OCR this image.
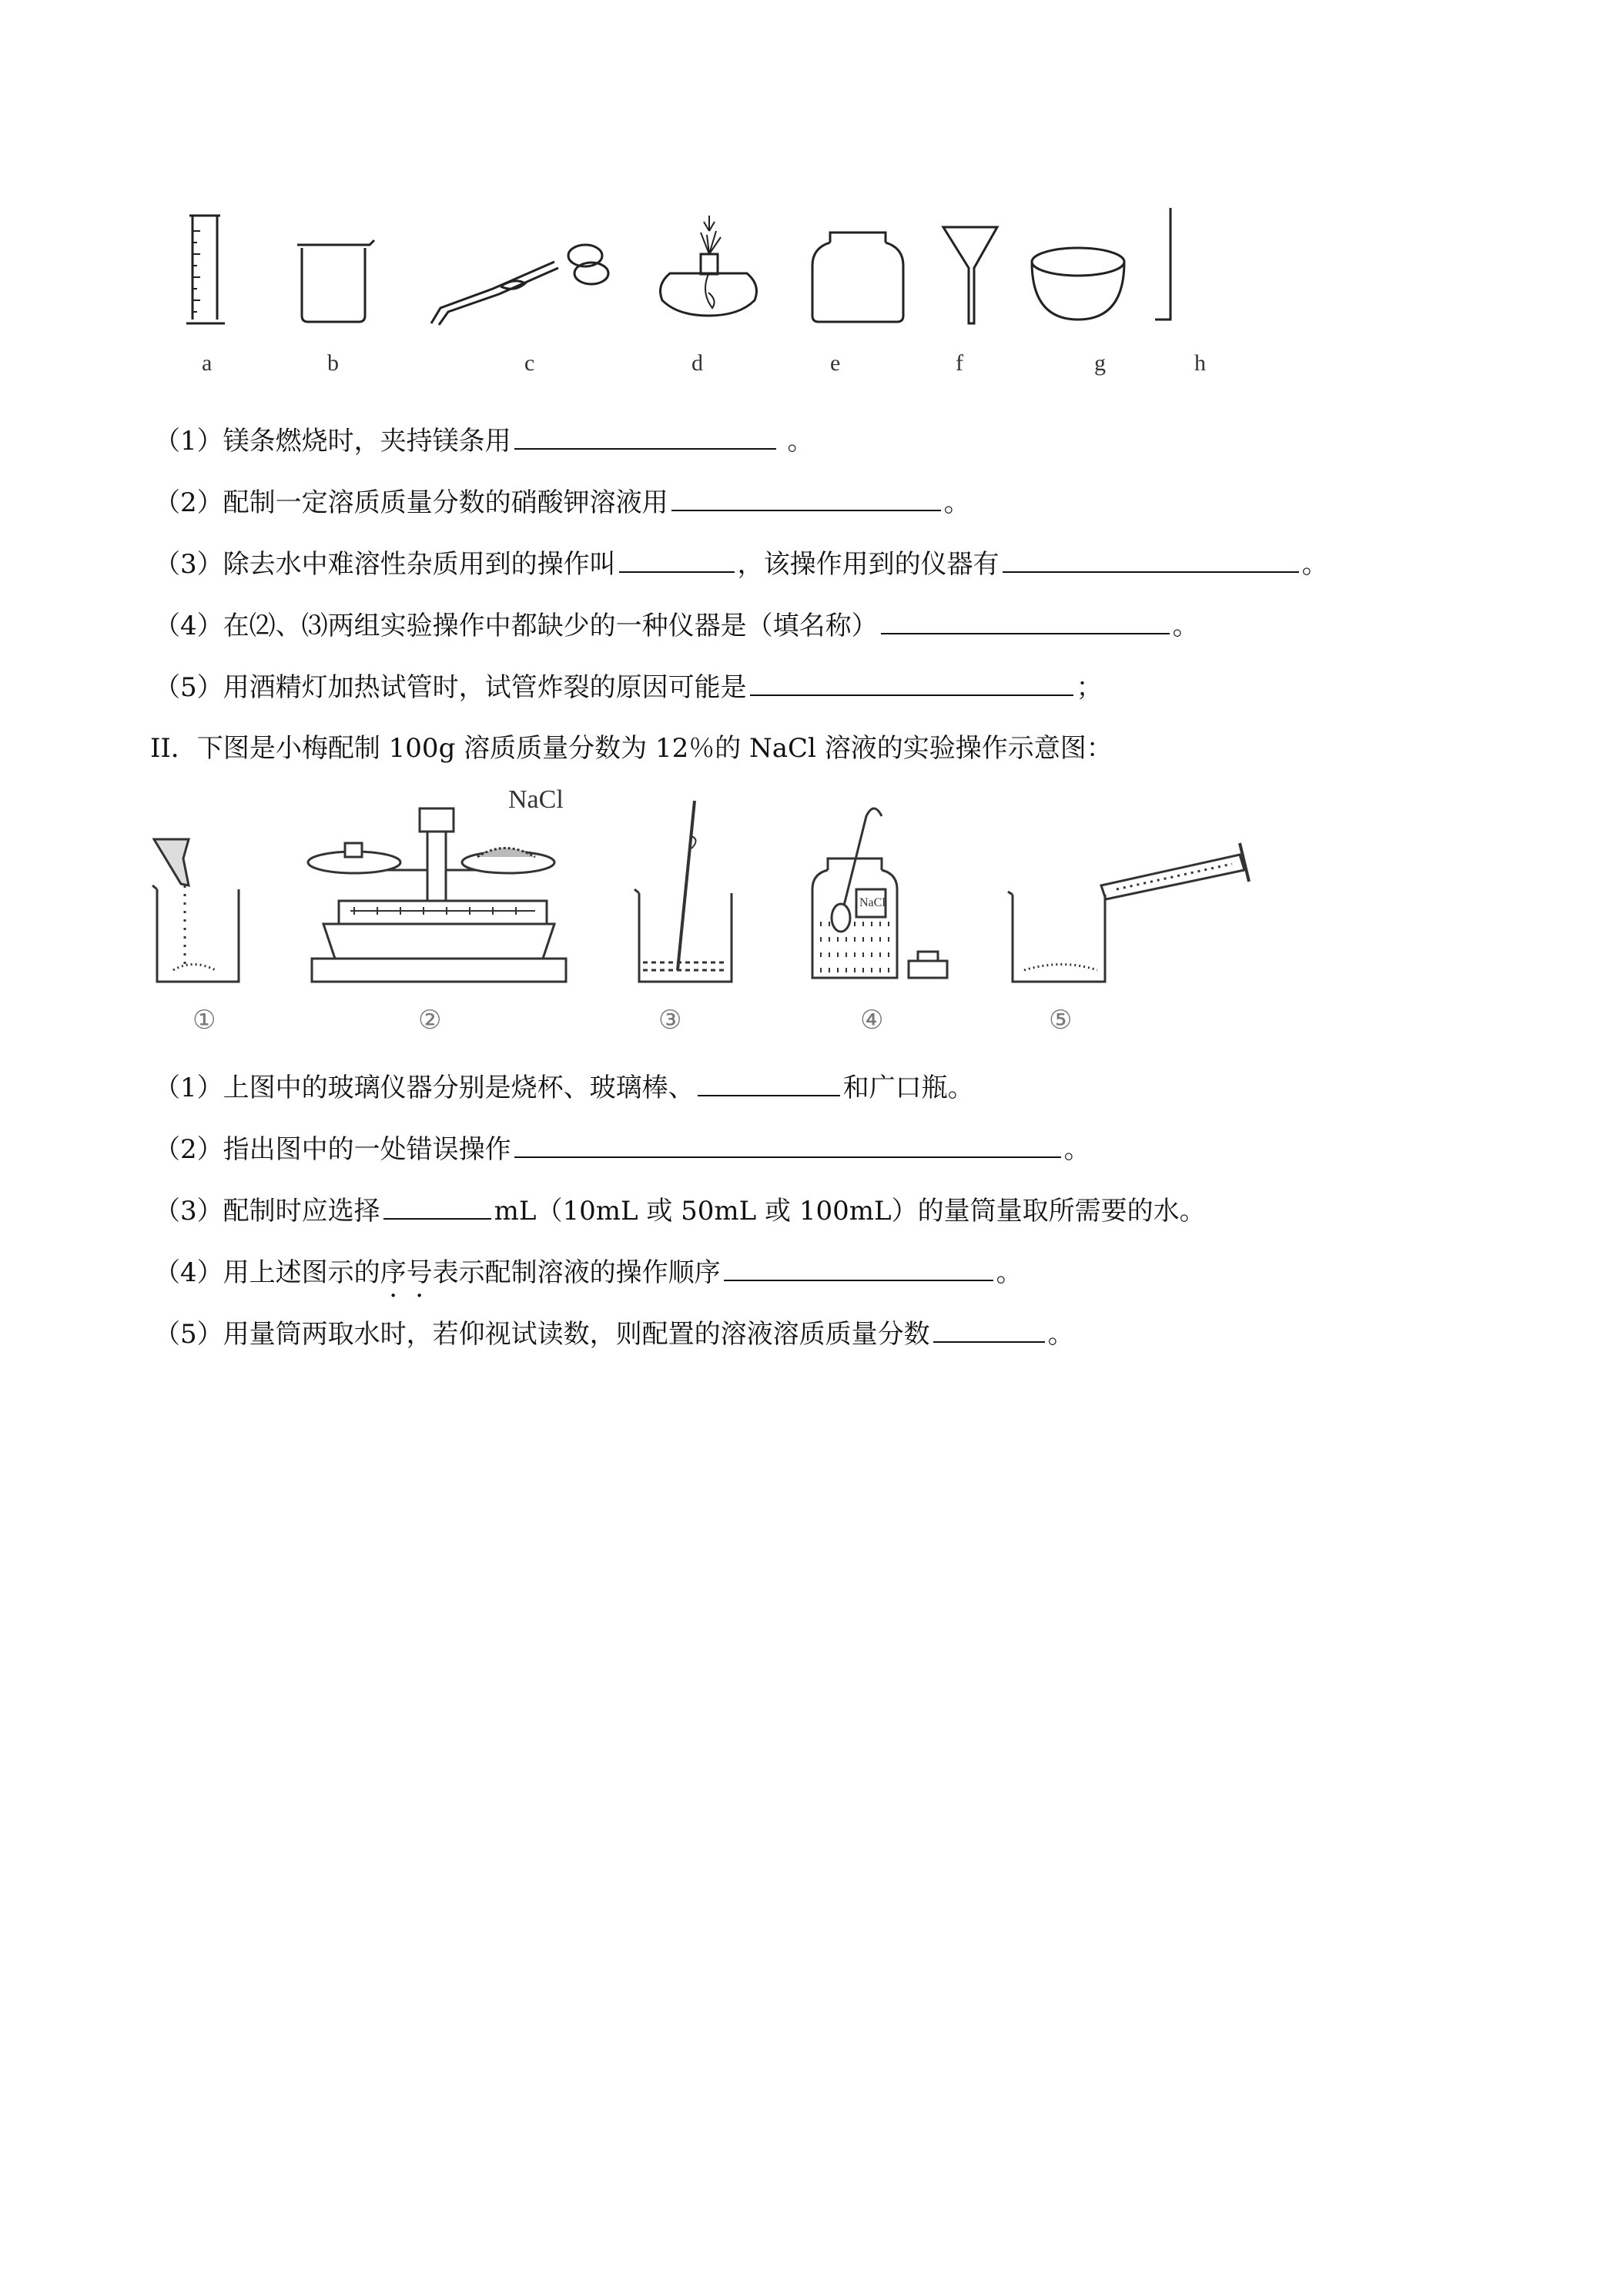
a	b	c	d	e	f	g	h
（1）镁条燃烧时，夹持镁条用	。
（2）配制一定溶质质量分数的硝酸钾溶液用	。
（3）除去水中难溶性杂质用到的操作叫	，该操作用到的仪器有	。
（4）在⑵、⑶两组实验操作中都缺少的一种仪器是（填名称）	。
（5）用酒精灯加热试管时，试管炸裂的原因可能是	；
II．下图是小梅配制 100g 溶质质量分数为 12％的 NaCl 溶液的实验操作示意图：
NaCl
NaCl
①	②	③	④	⑤
（1）上图中的玻璃仪器分别是烧杯、玻璃棒、	和广口瓶。
（2）指出图中的一处错误操作	。
（3）配制时应选择	mL（10mL 或 50mL 或 100mL）的量筒量取所需要的水。
（4）用上述图示的序号表示配制溶液的操作顺序	。
（5）用量筒两取水时，若仰视试读数，则配置的溶液溶质质量分数	。
